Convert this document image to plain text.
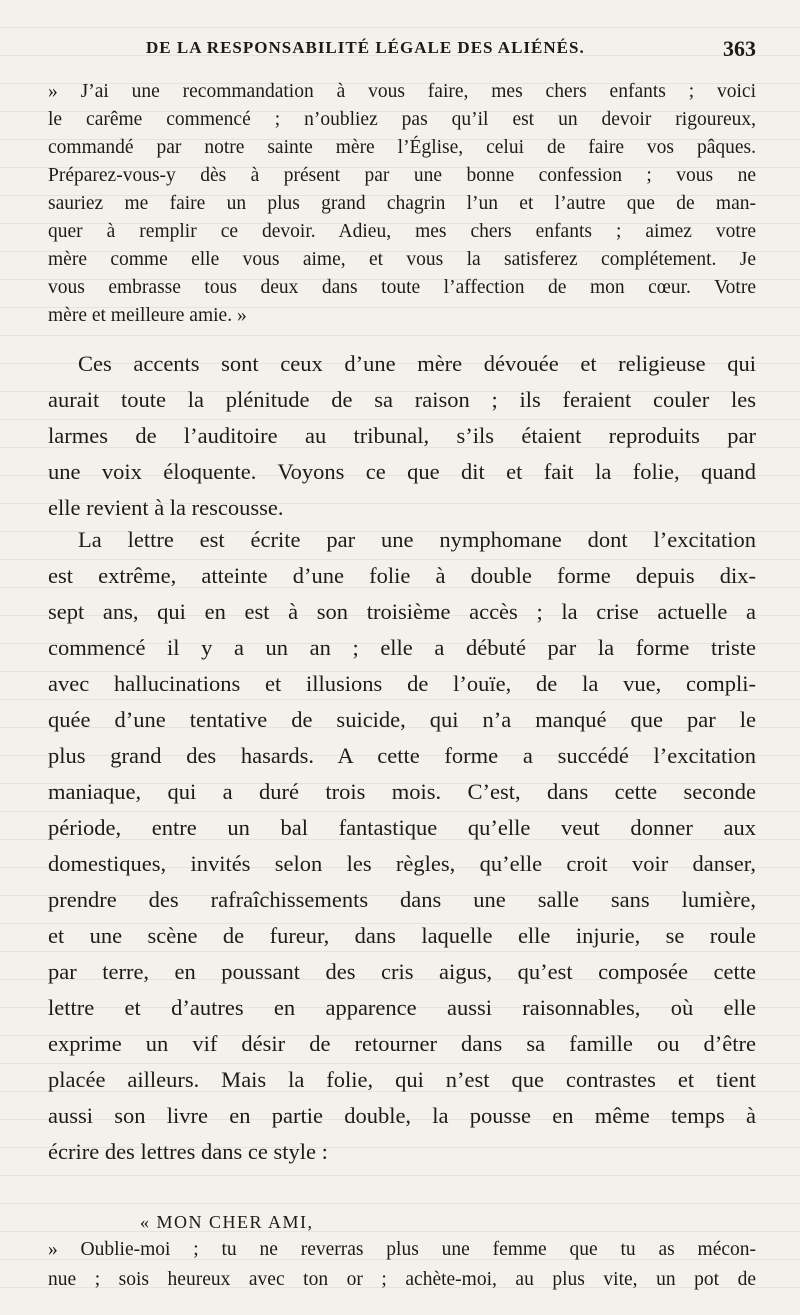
DE LA RESPONSABILITÉ LÉGALE DES ALIÉNÉS.	363
» J’ai une recommandation à vous faire, mes chers enfants ; voici
le carême commencé ; n’oubliez pas qu’il est un devoir rigoureux,
commandé par notre sainte mère l’Église, celui de faire vos pâques.
Préparez-vous-y dès à présent par une bonne confession ; vous ne
sauriez me faire un plus grand chagrin l’un et l’autre que de man-
quer à remplir ce devoir. Adieu, mes chers enfants ; aimez votre
mère comme elle vous aime, et vous la satisferez complétement. Je
vous embrasse tous deux dans toute l’affection de mon cœur. Votre
mère et meilleure amie. »
Ces accents sont ceux d’une mère dévouée et religieuse qui
aurait toute la plénitude de sa raison ; ils feraient couler les
larmes de l’auditoire au tribunal, s’ils étaient reproduits par
une voix éloquente. Voyons ce que dit et fait la folie, quand
elle revient à la rescousse.
La lettre est écrite par une nymphomane dont l’excitation
est extrême, atteinte d’une folie à double forme depuis dix-
sept ans, qui en est à son troisième accès ; la crise actuelle a
commencé il y a un an ; elle a débuté par la forme triste
avec hallucinations et illusions de l’ouïe, de la vue, compli-
quée d’une tentative de suicide, qui n’a manqué que par le
plus grand des hasards. A cette forme a succédé l’excitation
maniaque, qui a duré trois mois. C’est, dans cette seconde
période, entre un bal fantastique qu’elle veut donner aux
domestiques, invités selon les règles, qu’elle croit voir danser,
prendre des rafraîchissements dans une salle sans lumière,
et une scène de fureur, dans laquelle elle injurie, se roule
par terre, en poussant des cris aigus, qu’est composée cette
lettre et d’autres en apparence aussi raisonnables, où elle
exprime un vif désir de retourner dans sa famille ou d’être
placée ailleurs. Mais la folie, qui n’est que contrastes et tient
aussi son livre en partie double, la pousse en même temps à
écrire des lettres dans ce style :
» Oublie-moi ; tu ne reverras plus une femme que tu as mécon-
nue ; sois heureux avec ton or ; achète-moi, au plus vite, un pot de
« MON CHER AMI,
